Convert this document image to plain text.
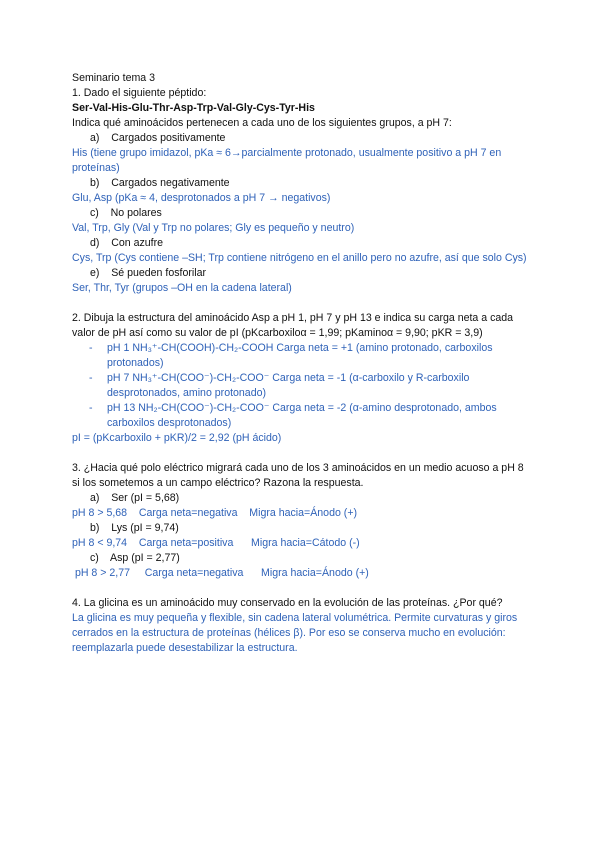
Seminario tema 3
1. Dado el siguiente péptido:
Ser-Val-His-Glu-Thr-Asp-Trp-Val-Gly-Cys-Tyr-His
Indica qué aminoácidos pertenecen a cada uno de los siguientes grupos, a pH 7:
a)    Cargados positivamente
His (tiene grupo imidazol, pKa ≈ 6→parcialmente protonado, usualmente positivo a pH 7 en proteínas)
b)    Cargados negativamente
Glu, Asp (pKa ≈ 4, desprotonados a pH 7 → negativos)
c)    No polares
Val, Trp, Gly (Val y Trp no polares; Gly es pequeño y neutro)
d)    Con azufre
Cys, Trp (Cys contiene –SH; Trp contiene nitrógeno en el anillo pero no azufre, así que solo Cys)
e)    Sé pueden fosforilar
Ser, Thr, Tyr (grupos –OH en la cadena lateral)
2. Dibuja la estructura del aminoácido Asp a pH 1, pH 7 y pH 13 e indica su carga neta a cada valor de pH así como su valor de pI (pKcarboxiloα = 1,99; pKaminoα = 9,90; pKR = 3,9)
- pH 1 NH₃⁺-CH(COOH)-CH₂-COOH Carga neta = +1 (amino protonado, carboxilos protonados)
- pH 7 NH₃⁺-CH(COO⁻)-CH₂-COO⁻ Carga neta = -1 (α-carboxilo y R-carboxilo desprotonados, amino protonado)
- pH 13 NH₂-CH(COO⁻)-CH₂-COO⁻ Carga neta = -2 (α-amino desprotonado, ambos carboxilos desprotonados)
pI = (pKcarboxilo + pKR)/2 = 2,92 (pH ácido)
3. ¿Hacia qué polo eléctrico migrará cada uno de los 3 aminoácidos en un medio acuoso a pH 8 si los sometemos a un campo eléctrico? Razona la respuesta.
a)    Ser (pI = 5,68)
pH 8 > 5,68    Carga neta=negativa    Migra hacia=Ánodo (+)
b)    Lys (pI = 9,74)
pH 8 < 9,74    Carga neta=positiva      Migra hacia=Cátodo (-)
c)    Asp (pI = 2,77)
pH 8 > 2,77     Carga neta=negativa      Migra hacia=Ánodo (+)
4. La glicina es un aminoácido muy conservado en la evolución de las proteínas. ¿Por qué?
La glicina es muy pequeña y flexible, sin cadena lateral volumétrica. Permite curvaturas y giros cerrados en la estructura de proteínas (hélices β). Por eso se conserva mucho en evolución: reemplazarla puede desestabilizar la estructura.
